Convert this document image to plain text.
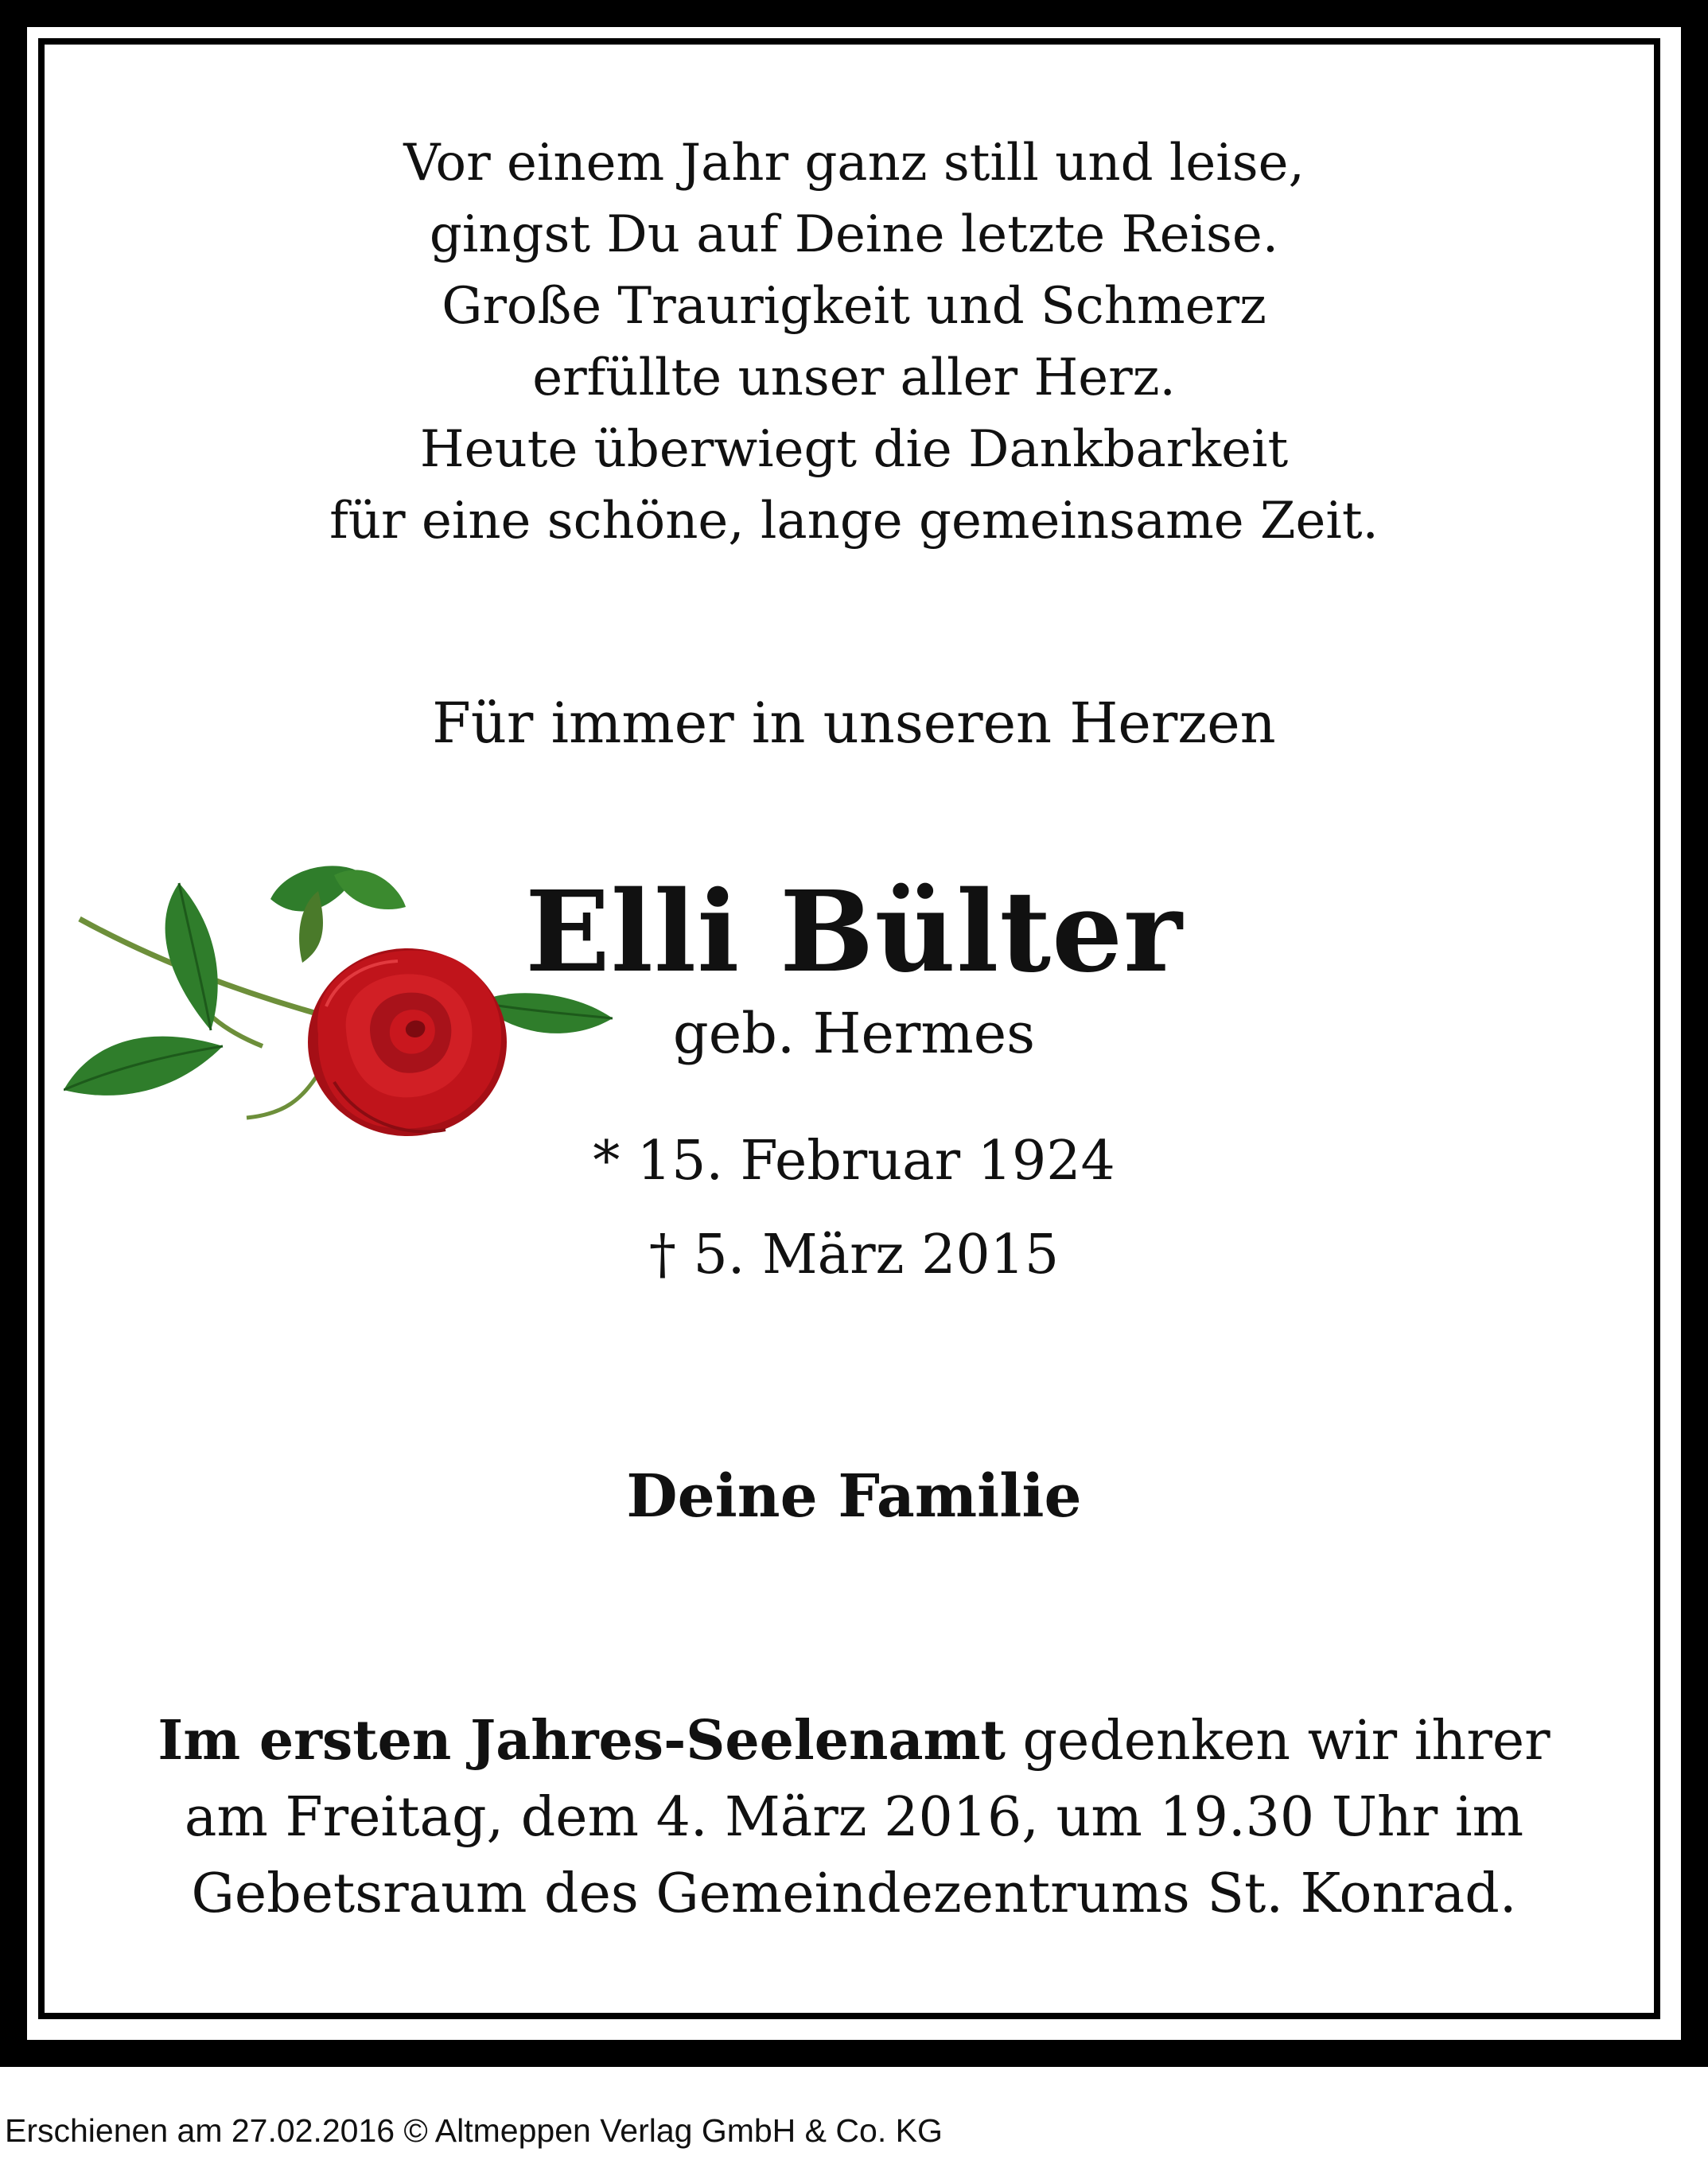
Vor einem Jahr ganz still und leise,
gingst Du auf Deine letzte Reise.
Große Traurigkeit und Schmerz
erfüllte unser aller Herz.
Heute überwiegt die Dankbarkeit
für eine schöne, lange gemeinsame Zeit.
Für immer in unseren Herzen
Elli Bülter
geb. Hermes
* 15. Februar 1924
† 5. März 2015
Deine Familie
Im ersten Jahres-Seelenamt gedenken wir ihrer
am Freitag, dem 4. März 2016, um 19.30 Uhr im
Gebetsraum des Gemeindezentrums St. Konrad.
Erschienen am 27.02.2016 © Altmeppen Verlag GmbH & Co. KG
